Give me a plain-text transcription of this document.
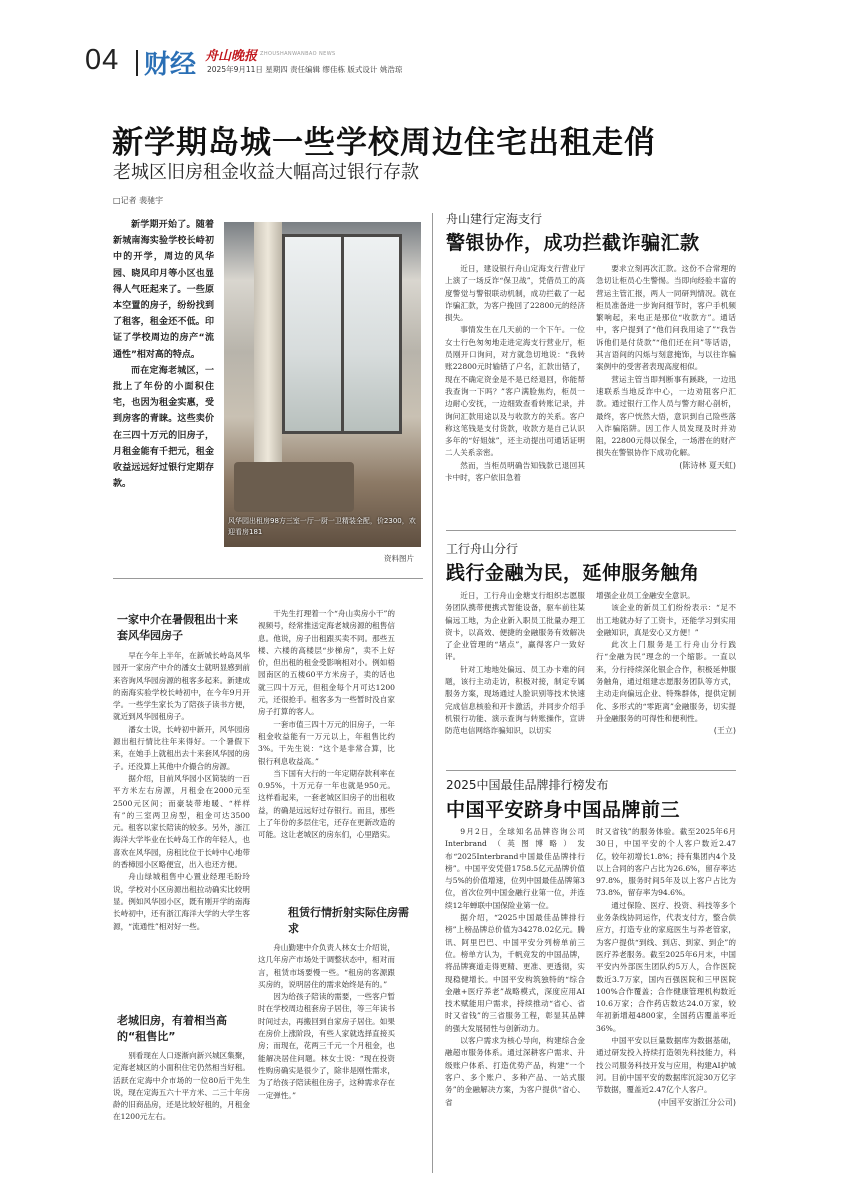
04 财经 舟山晚报 ZHOUSHANWANBAO NEWS
2025年9月11日 星期四 责任编辑 缪佳栋 版式设计 姚浩琼
新学期岛城一些学校周边住宅出租走俏
老城区旧房租金收益大幅高过银行存款
□记者 裴驰宇

新学期开始了。随着新城南海实验学校长峙初中的开学，周边的风华园、晓风印月等小区也显得人气旺起来了。一些原本空置的房子，纷纷找到了租客，租金还不低。印证了学校周边的房产“流通性”相对高的特点。

而在定海老城区，一批上了年份的小面积住宅，也因为租金实惠，受到房客的青睐。这些卖价在三四十万元的旧房子，月租金能有千把元，租金收益远远好过银行定期存款。

风华园出租房98方三室一厅一厨一卫精装全配，价2300，欢迎看房181
资料图片
一家中介在暑假租出十来套风华园房子

早在今年上半年，在新城长峙岛风华园开一家房产中介的潘女士就明显感到前来咨询风华园房源的租客多起来。新建成的南海实验学校长峙初中，在今年9月开学。一些学生家长为了陪孩子读书方便，就近到风华园租房子。

潘女士说，长峙初中新开，风华园房源出租行情比往年来得好。一个暑假下来，在她手上就租出去十来套风华园的房子。还没算上其他中介撮合的房源。

据介绍，目前风华园小区简装的一百平方米左右房源，月租金在2000元至2500元区间；而豪装带地暖、“样样有”的三室两卫房型，租金可达3500元。租客以家长陪读的较多。另外，浙江海洋大学毕业在长峙岛工作的年轻人，也喜欢在风华园，房租比位于长峙中心地带的香樟园小区略便宜，出入也还方便。

舟山绿城租售中心置业经理毛盼玲说，学校对小区房源出租拉动确实比较明显。例如风华园小区，既有刚开学的南海长峙初中，还有浙江海洋大学的大学生客源，“流通性”相对好一些。

老城旧房，有着相当高的“租售比”

别看现在人口逐渐向新兴城区集聚，定海老城区的小面积住宅仍然相当好租。活跃在定海中介市场的一位80后干先生说，现在定海五六十平方米、二三十年房龄的旧商品房，还是比较好租的，月租金在1200元左右。

干先生打理着一个“舟山卖房小干”的视频号，经常推送定海老城房源的租售信息。他说，房子出租跟买卖不同。那些五楼、六楼的高楼层“步梯房”，卖不上好价，但出租的租金受影响相对小。例如梧园南区的五楼60平方米房子，卖的话也就三四十万元，但租金每个月可达1200元，还很抢手。租客多为一些暂时没自家房子打算的客人。

一套市值三四十万元的旧房子，一年租金收益能有一万元以上，年租售比约3%。干先生说：“这个是非常合算，比银行利息收益高。”

当下国有大行的一年定期存款利率在0.95%，十万元存一年也就是950元。这样看起来，一套老城区旧房子的出租收益，的确是远远好过存银行。而且，那些上了年份的多层住宅，还存在更新改造的可能。这让老城区的房东们，心里踏实。

租赁行情折射实际住房需求

舟山勤建中介负责人林女士介绍说，这几年房产市场处于调整状态中，相对而言，租赁市场要慢一些。“租房的客源跟买房的，说明居住的需求始终是有的。”

因为给孩子陪读的需要，一些客户暂时在学校周边租套房子居住，等三年读书时间过去，再搬回到自家房子居住。如果在房价上涨阶段，有些人家就选择直接买房；而现在，花两三千元一个月租金，也能解决居住问题。林女士说：“现在投资性购房确实是很少了，除非是刚性需求，为了给孩子陪读租住房子，这种需求存在一定弹性。”

舟山建行定海支行
警银协作，成功拦截诈骗汇款

近日，建设银行舟山定海支行营业厅上演了一场反诈“保卫战”，凭借员工的高度警觉与警银联动机制，成功拦截了一起诈骗汇款，为客户挽回了22800元的经济损失。

事情发生在几天前的一个下午。一位女士行色匆匆地走进定海支行营业厅，柜员刚开口询问，对方就急切地说：“我转账22800元时输错了户名，汇款出错了，现在不确定资金是不是已经退回，你能帮我查询一下吗？”客户满脸焦灼，柜员一边耐心安抚，一边细致查看转账记录，并询问汇款用途以及与收款方的关系。客户称这笔钱是支付货款，收款方是自己认识多年的“好姐妹”，还主动提出可通话证明二人关系亲密。

然而，当柜员明确告知钱款已退回其卡中时，客户依旧急着

要求立刻再次汇款。这份不合常理的急切让柜员心生警惕。当即向经验丰富的营运主管汇报，两人一同研判情况。就在柜员准备进一步询问细节时，客户手机频繁响起，来电正是那位“收款方”。通话中，客户提到了“他们问我用途了”“我告诉他们是付货款”“他们还在问”等话语，其言语间的闪烁与刻意掩饰，与以往诈骗案例中的受害者表现高度相似。

营运主管当即判断事有蹊跷，一边迅速联系当地反诈中心，一边劝阻客户汇款。通过银行工作人员与警方耐心剖析，最终，客户恍然大悟，意识到自己险些落入诈骗陷阱。因工作人员发现及时并劝阻，22800元得以保全，一场潜在的财产损失在警银协作下成功化解。

(陈诗林 夏天虹)

工行舟山分行
践行金融为民，延伸服务触角

近日，工行舟山金塘支行组织志愿服务团队携带便携式智能设备，驱车前往某偏远工地，为企业新入职员工批量办理工资卡，以高效、便捷的金融服务有效解决了企业管理的“堵点”，赢得客户一致好评。

针对工地地处偏远、员工办卡难的问题，该行主动走访，积极对接，制定专属服务方案，现场通过人脸识别等技术快速完成信息核验和开卡激活，并同步介绍手机银行功能、演示查询与转账操作，宣讲防范电信网络诈骗知识，以切实

增强企业员工金融安全意识。

该企业的新员工们纷纷表示：“足不出工地就办好了工资卡，还能学习到实用金融知识，真是安心又方便！”

此次上门服务是工行舟山分行践行“金融为民”理念的一个缩影。一直以来，分行持续深化银企合作，积极延伸服务触角，通过组建志愿服务团队等方式，主动走向偏远企业、特殊群体，提供定制化、多形式的“零距离”金融服务，切实提升金融服务的可得性和便利性。

(王立)

2025中国最佳品牌排行榜发布
中国平安跻身中国品牌前三

9月2日，全球知名品牌咨询公司Interbrand（英图博略）发布“2025Interbrand中国最佳品牌排行榜”。中国平安凭借1758.5亿元品牌价值与5%的价值增速，位列中国最佳品牌第3位，首次位列中国金融行业第一位，并连续12年蝉联中国保险业第一位。

据介绍，“2025中国最佳品牌排行榜”上榜品牌总价值为34278.02亿元。腾讯、阿里巴巴、中国平安分列榜单前三位。榜单方认为，千帆竞发的中国品牌，将品牌赛道走得更精、更准、更透彻，实现稳健增长。中国平安构筑独特的“综合金融+医疗养老”战略模式，深度应用AI技术赋能用户需求，持续推动“省心、省时又省钱”的三省服务工程，彰显其品牌的强大发展韧性与创新动力。

以客户需求为核心导向，构建综合金融超市服务体系。通过深耕客户需求、升级账户体系、打造优势产品，构建“一个客户、多个账户、多种产品、一站式服务”的金融解决方案，为客户提供“省心、省

时又省钱”的服务体验。截至2025年6月30日，中国平安的个人客户数近2.47亿，较年初增长1.8%；持有集团内4个及以上合同的客户占比为26.6%，留存率达97.8%，服务时间5年及以上客户占比为73.8%，留存率为94.6%。

通过保险、医疗、投资、科技等多个业务条线协同运作，代表支付方，整合供应方，打造专业的家庭医生与养老管家，为客户提供“到线、到店、到家、到企”的医疗养老服务。截至2025年6月末，中国平安内外部医生团队约5万人，合作医院数近3.7万家，国内百强医院和三甲医院100%合作覆盖；合作健康管理机构数近10.6万家；合作药店数达24.0万家，较年初新增超4800家，全国药店覆盖率近36%。

中国平安以巨量数据库为数据基础，通过研发投入持续打造领先科技能力，科技公司服务科技开发与应用，构建AI护城河。目前中国平安的数据库沉淀30万亿字节数据，覆盖近2.47亿个人客户。

(中国平安浙江分公司)
